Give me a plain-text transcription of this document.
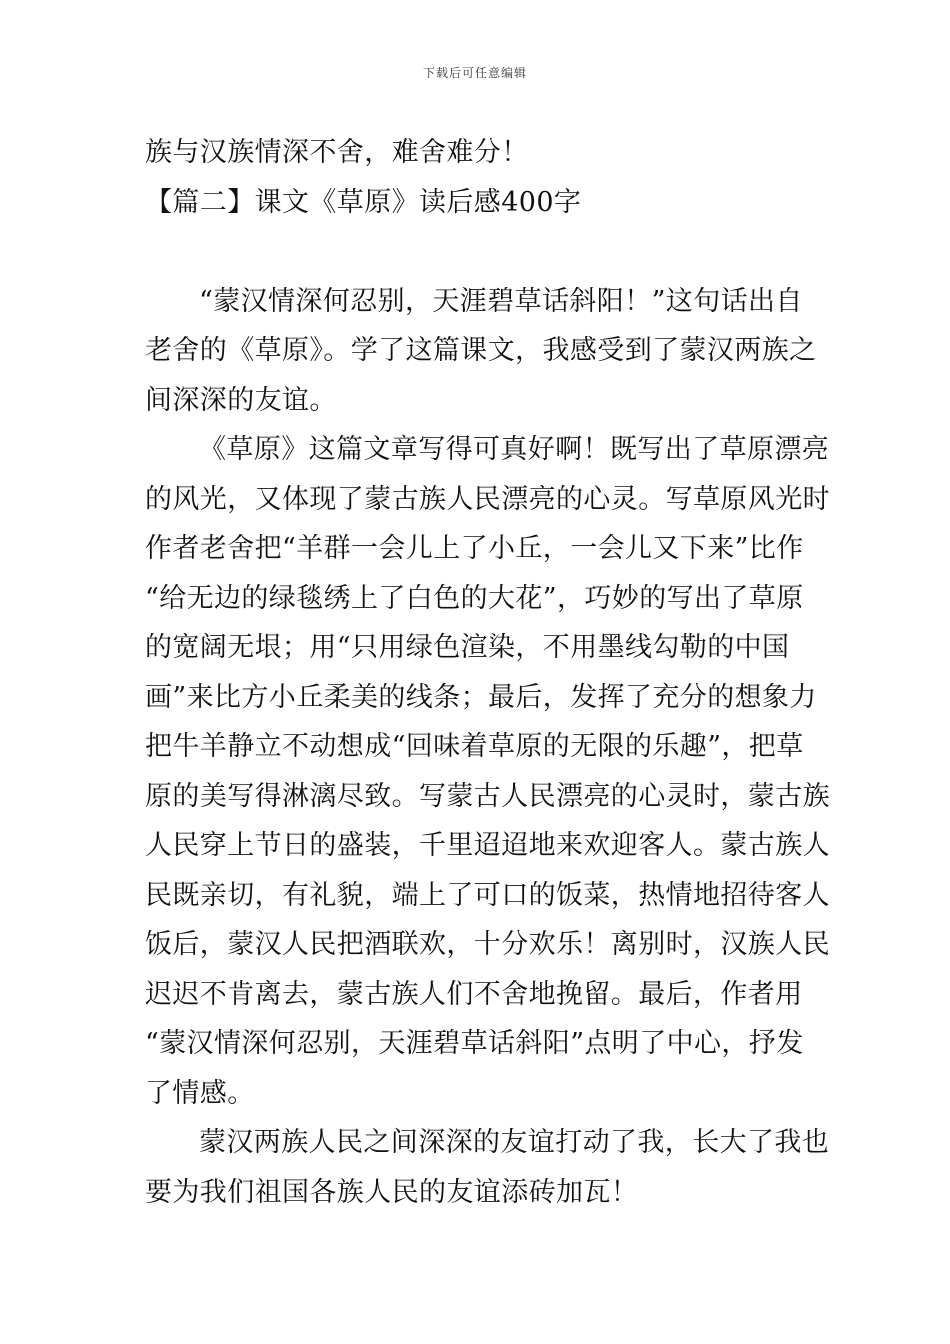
下载后可任意编辑
族与汉族情深不舍，难舍难分！
【篇二】课文《草原》读后感400字
“蒙汉情深何忍别，天涯碧草话斜阳！”这句话出自
老舍的《草原》。学了这篇课文，我感受到了蒙汉两族之
间深深的友谊。
《草原》这篇文章写得可真好啊！既写出了草原漂亮
的风光，又体现了蒙古族人民漂亮的心灵。写草原风光时
作者老舍把“羊群一会儿上了小丘，一会儿又下来”比作
“给无边的绿毯绣上了白色的大花”，巧妙的写出了草原
的宽阔无垠；用“只用绿色渲染，不用墨线勾勒的中国
画”来比方小丘柔美的线条；最后，发挥了充分的想象力
把牛羊静立不动想成“回味着草原的无限的乐趣”，把草
原的美写得淋漓尽致。写蒙古人民漂亮的心灵时，蒙古族
人民穿上节日的盛装，千里迢迢地来欢迎客人。蒙古族人
民既亲切，有礼貌，端上了可口的饭菜，热情地招待客人
饭后，蒙汉人民把酒联欢，十分欢乐！离别时，汉族人民
迟迟不肯离去，蒙古族人们不舍地挽留。最后，作者用
“蒙汉情深何忍别，天涯碧草话斜阳”点明了中心，抒发
了情感。
蒙汉两族人民之间深深的友谊打动了我，长大了我也
要为我们祖国各族人民的友谊添砖加瓦！
